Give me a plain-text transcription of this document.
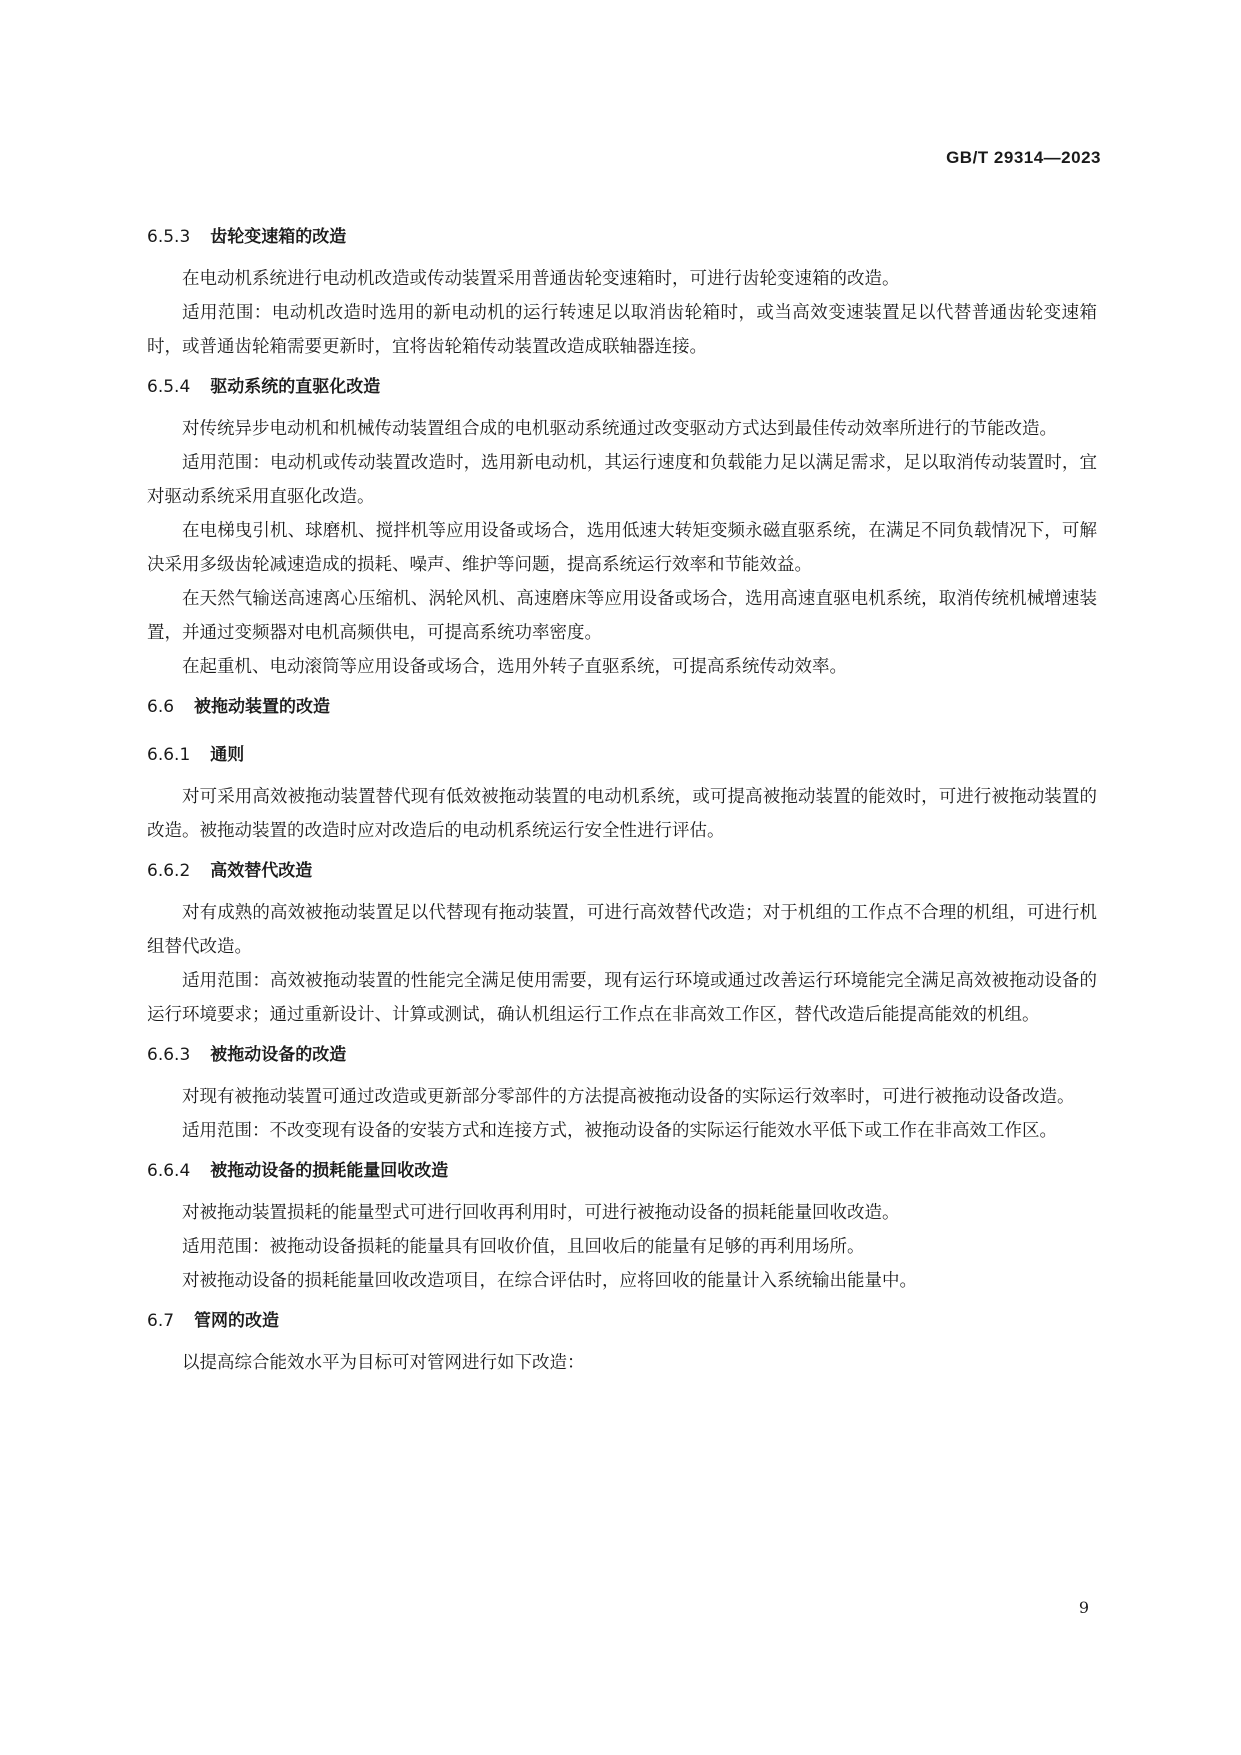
GB/T 29314—2023
6.5.3 齿轮变速箱的改造

在电动机系统进行电动机改造或传动装置采用普通齿轮变速箱时，可进行齿轮变速箱的改造。

适用范围：电动机改造时选用的新电动机的运行转速足以取消齿轮箱时，或当高效变速装置足以代替普通齿轮变速箱时，或普通齿轮箱需要更新时，宜将齿轮箱传动装置改造成联轴器连接。

6.5.4 驱动系统的直驱化改造

对传统异步电动机和机械传动装置组合成的电机驱动系统通过改变驱动方式达到最佳传动效率所进行的节能改造。

适用范围：电动机或传动装置改造时，选用新电动机，其运行速度和负载能力足以满足需求，足以取消传动装置时，宜对驱动系统采用直驱化改造。

在电梯曳引机、球磨机、搅拌机等应用设备或场合，选用低速大转矩变频永磁直驱系统，在满足不同负载情况下，可解决采用多级齿轮减速造成的损耗、噪声、维护等问题，提高系统运行效率和节能效益。

在天然气输送高速离心压缩机、涡轮风机、高速磨床等应用设备或场合，选用高速直驱电机系统，取消传统机械增速装置，并通过变频器对电机高频供电，可提高系统功率密度。

在起重机、电动滚筒等应用设备或场合，选用外转子直驱系统，可提高系统传动效率。

6.6 被拖动装置的改造
6.6.1 通则

对可采用高效被拖动装置替代现有低效被拖动装置的电动机系统，或可提高被拖动装置的能效时，可进行被拖动装置的改造。被拖动装置的改造时应对改造后的电动机系统运行安全性进行评估。

6.6.2 高效替代改造

对有成熟的高效被拖动装置足以代替现有拖动装置，可进行高效替代改造；对于机组的工作点不合理的机组，可进行机组替代改造。

适用范围：高效被拖动装置的性能完全满足使用需要，现有运行环境或通过改善运行环境能完全满足高效被拖动设备的运行环境要求；通过重新设计、计算或测试，确认机组运行工作点在非高效工作区，替代改造后能提高能效的机组。

6.6.3 被拖动设备的改造

对现有被拖动装置可通过改造或更新部分零部件的方法提高被拖动设备的实际运行效率时，可进行被拖动设备改造。

适用范围：不改变现有设备的安装方式和连接方式，被拖动设备的实际运行能效水平低下或工作在非高效工作区。

6.6.4 被拖动设备的损耗能量回收改造

对被拖动装置损耗的能量型式可进行回收再利用时，可进行被拖动设备的损耗能量回收改造。

适用范围：被拖动设备损耗的能量具有回收价值，且回收后的能量有足够的再利用场所。

对被拖动设备的损耗能量回收改造项目，在综合评估时，应将回收的能量计入系统输出能量中。

6.7 管网的改造

以提高综合能效水平为目标可对管网进行如下改造：

9
